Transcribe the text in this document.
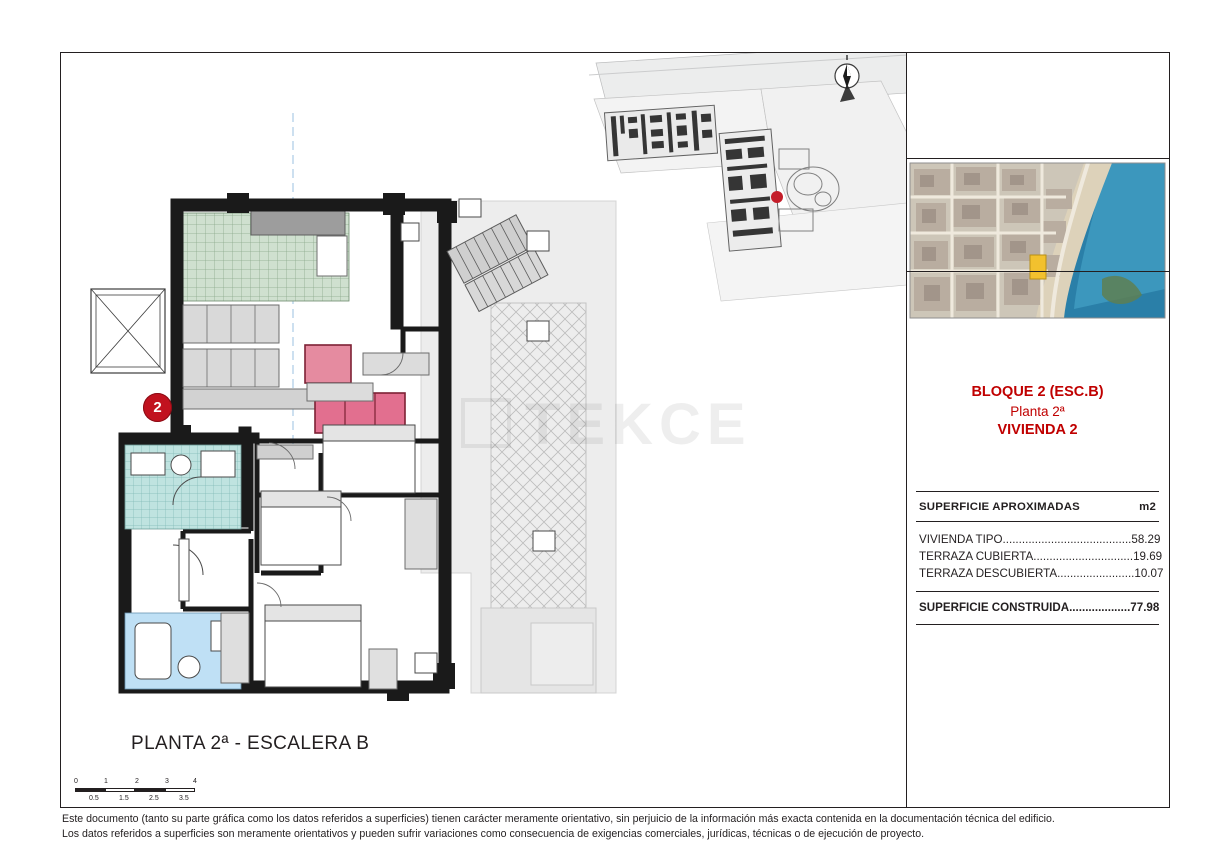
TEKCE
2
PLANTA 2ª - ESCALERA B
0	1	2	3	4
0.5	1.5	2.5	3.5
BLOQUE 2 (ESC.B)
Planta 2ª
VIVIENDA 2
SUPERFICIE APROXIMADAS	m2
VIVIENDA TIPO........................................58.29
TERRAZA CUBIERTA...............................19.69
TERRAZA DESCUBIERTA........................10.07
SUPERFICIE CONSTRUIDA...................77.98
Este documento (tanto su parte gráfica como los datos referidos a superficies) tienen carácter meramente orientativo, sin perjuicio de la información más exacta contenida en la documentación técnica del edificio.
Los datos referidos a superficies son meramente orientativos y pueden sufrir variaciones como consecuencia de exigencias comerciales, jurídicas, técnicas o de ejecución de proyecto.
